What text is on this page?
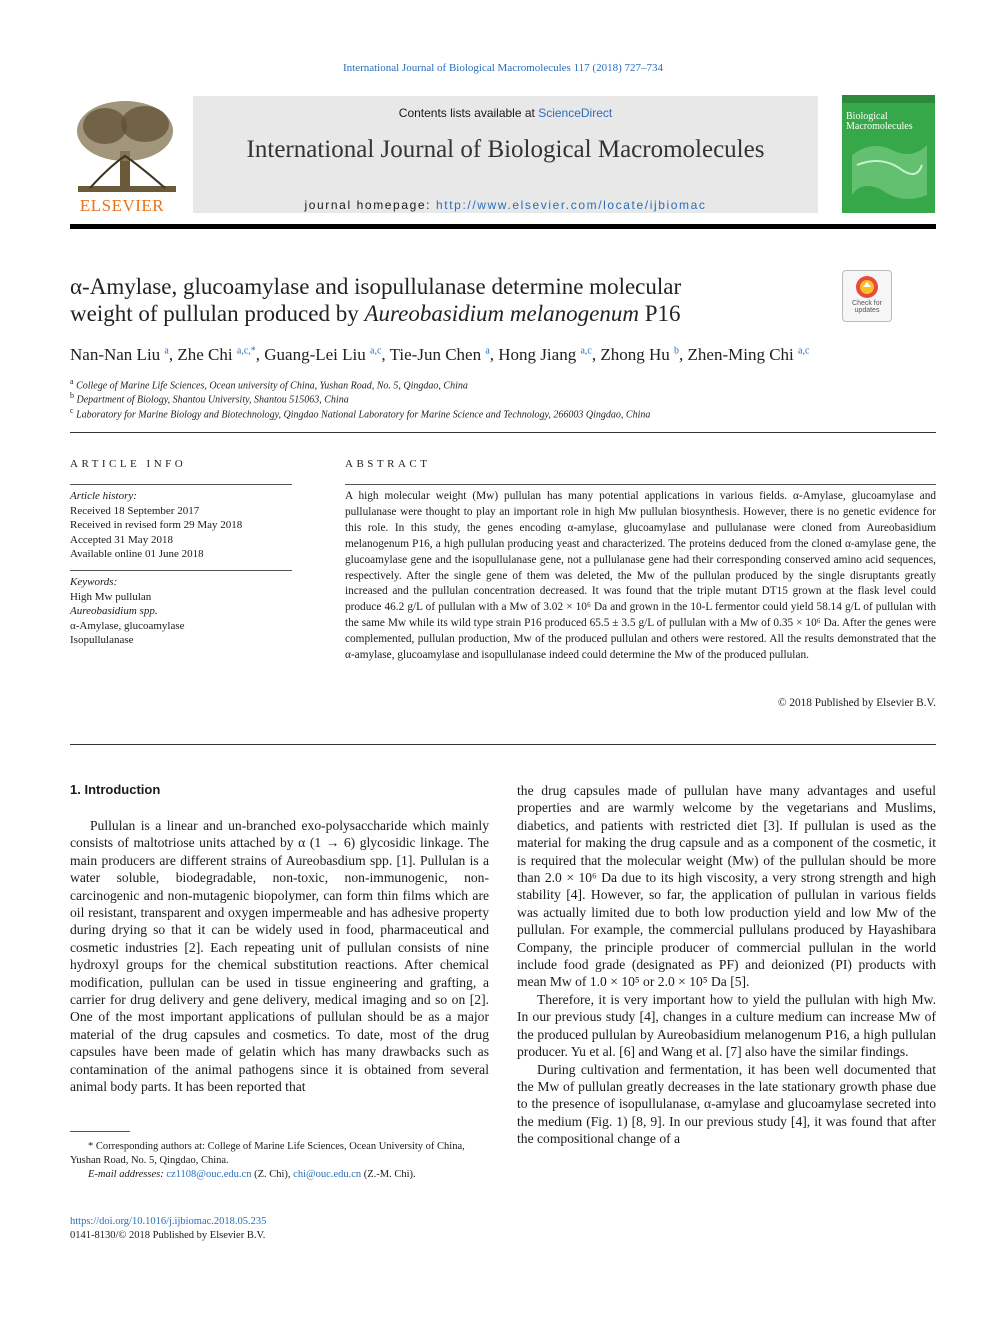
International Journal of Biological Macromolecules 117 (2018) 727–734
ELSEVIER
Contents lists available at ScienceDirect
International Journal of Biological Macromolecules
journal homepage: http://www.elsevier.com/locate/ijbiomac
Biological Macromolecules
α-Amylase, glucoamylase and isopullulanase determine molecular
weight of pullulan produced by Aureobasidium melanogenum P16	Check for updates
Nan-Nan Liu $^a$, Zhe Chi $^{a,c,*}$, Guang-Lei Liu $^{a,c}$, Tie-Jun Chen $^a$, Hong Jiang $^{a,c}$, Zhong Hu $^b$, Zhen-Ming Chi $^{a,c}$
$^a$ College of Marine Life Sciences, Ocean university of China, Yushan Road, No. 5, Qingdao, China
$^b$ Department of Biology, Shantou University, Shantou 515063, China
$^c$ Laboratory for Marine Biology and Biotechnology, Qingdao National Laboratory for Marine Science and Technology, 266003 Qingdao, China
ARTICLE INFO
Article history:
Received 18 September 2017
Received in revised form 29 May 2018
Accepted 31 May 2018
Available online 01 June 2018
Keywords:
High Mw pullulan
Aureobasidium spp.
α-Amylase, glucoamylase
Isopullulanase
ABSTRACT
A high molecular weight (Mw) pullulan has many potential applications in various fields. α-Amylase, glucoamylase and pullulanase were thought to play an important role in high Mw pullulan biosynthesis. However, there is no genetic evidence for this role. In this study, the genes encoding α-amylase, glucoamylase and pullulanase were cloned from Aureobasidium melanogenum P16, a high pullulan producing yeast and characterized. The proteins deduced from the cloned α-amylase gene, the glucoamylase gene and the isopullulanase gene, not a pullulanase gene had their corresponding conserved amino acid sequences, respectively. After the single gene of them was deleted, the Mw of the pullulan produced by the single disruptants greatly increased and the pullulan concentration decreased. It was found that the triple mutant DT15 grown at the flask level could produce 46.2 g/L of pullulan with a Mw of 3.02 × 10⁶ Da and grown in the 10-L fermentor could yield 58.14 g/L of pullulan with the same Mw while its wild type strain P16 produced 65.5 ± 3.5 g/L of pullulan with a Mw of 0.35 × 10⁶ Da. After the genes were complemented, pullulan production, Mw of the produced pullulan and others were restored. All the results demonstrated that the α-amylase, glucoamylase and isopullulanase indeed could determine the Mw of the produced pullulan.
© 2018 Published by Elsevier B.V.
1. Introduction

Pullulan is a linear and un-branched exo-polysaccharide which mainly consists of maltotriose units attached by α (1 → 6) glycosidic linkage. The main producers are different strains of Aureobasdium spp. [1]. Pullulan is a water soluble, biodegradable, non-toxic, non-immunogenic, non-carcinogenic and non-mutagenic biopolymer, can form thin films which are oil resistant, transparent and oxygen impermeable and has adhesive property during drying so that it can be widely used in food, pharmaceutical and cosmetic industries [2]. Each repeating unit of pullulan consists of nine hydroxyl groups for the chemical substitution reactions. After chemical modification, pullulan can be used in tissue engineering and grafting, a carrier for drug delivery and gene delivery, medical imaging and so on [2]. One of the most important applications of pullulan should be as a major material of the drug capsules and cosmetics. To date, most of the drug capsules have been made of gelatin which has many drawbacks such as contamination of the animal pathogens since it is obtained from several animal body parts. It has been reported that

the drug capsules made of pullulan have many advantages and useful properties and are warmly welcome by the vegetarians and Muslims, diabetics, and patients with restricted diet [3]. If pullulan is used as the material for making the drug capsule and as a component of the cosmetic, it is required that the molecular weight (Mw) of the pullulan should be more than 2.0 × 10⁶ Da due to its high viscosity, a very strong strength and high stability [4]. However, so far, the application of pullulan in various fields was actually limited due to both low production yield and low Mw of the pullulan. For example, the commercial pullulans produced by Hayashibara Company, the principle producer of commercial pullulan in the world include food grade (designated as PF) and deionized (PI) products with mean Mw of 1.0 × 10⁵ or 2.0 × 10⁵ Da [5].

Therefore, it is very important how to yield the pullulan with high Mw. In our previous study [4], changes in a culture medium can increase Mw of the produced pullulan by Aureobasidium melanogenum P16, a high pullulan producer. Yu et al. [6] and Wang et al. [7] also have the similar findings.

During cultivation and fermentation, it has been well documented that the Mw of pullulan greatly decreases in the late stationary growth phase due to the presence of isopullulanase, α-amylase and glucoamylase secreted into the medium (Fig. 1) [8, 9]. In our previous study [4], it was found that after the compositional change of a

* Corresponding authors at: College of Marine Life Sciences, Ocean University of China, Yushan Road, No. 5, Qingdao, China.
E-mail addresses: cz1108@ouc.edu.cn (Z. Chi), chi@ouc.edu.cn (Z.-M. Chi).
https://doi.org/10.1016/j.ijbiomac.2018.05.235
0141-8130/© 2018 Published by Elsevier B.V.
